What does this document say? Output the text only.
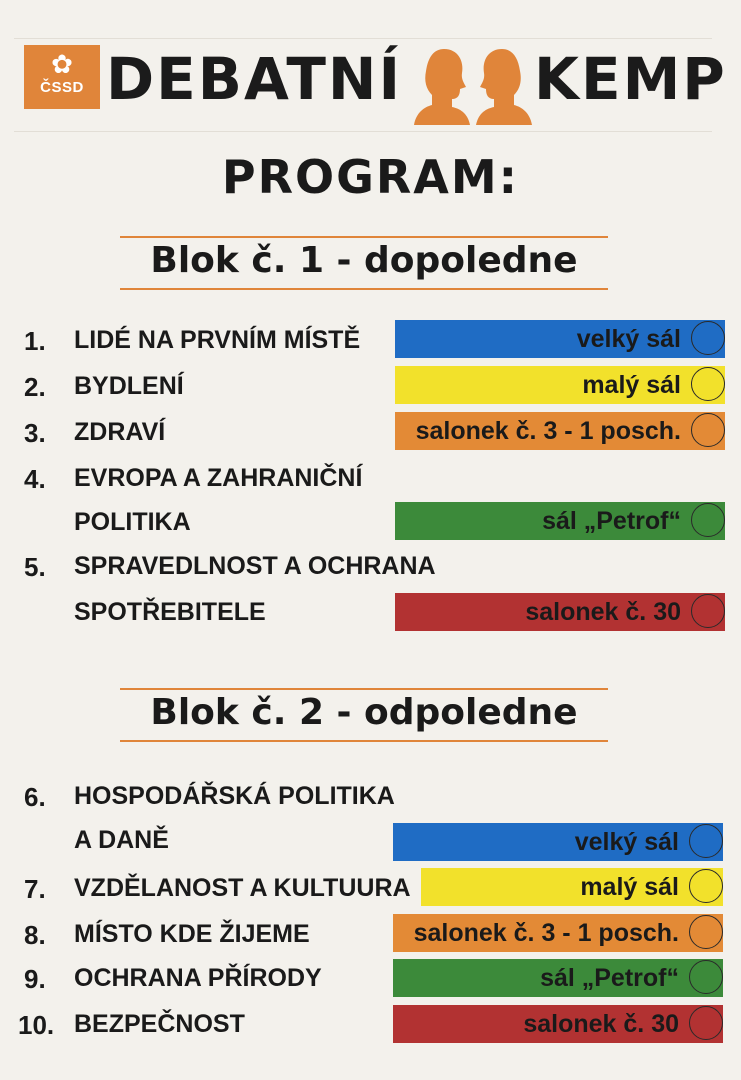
✿
ČSSD DEBATNÍ KEMP
PROGRAM:
Blok č. 1 - dopoledne
1. LIDÉ NA PRVNÍM MÍSTĚ	velký sál
2. BYDLENÍ	malý sál
3. ZDRAVÍ	salonek č. 3 - 1 posch.
4. EVROPA A ZAHRANIČNÍ
POLITIKA	sál „Petrof“
5. SPRAVEDLNOST A OCHRANA
SPOTŘEBITELE	salonek č. 30
Blok č. 2 - odpoledne
6. HOSPODÁŘSKÁ POLITIKA
A DANĚ	velký sál
7. VZDĚLANOST A KULTUURA	malý sál
8. MÍSTO KDE ŽIJEME	salonek č. 3 - 1 posch.
9. OCHRANA PŘÍRODY	sál „Petrof“
10. BEZPEČNOST	salonek č. 30
